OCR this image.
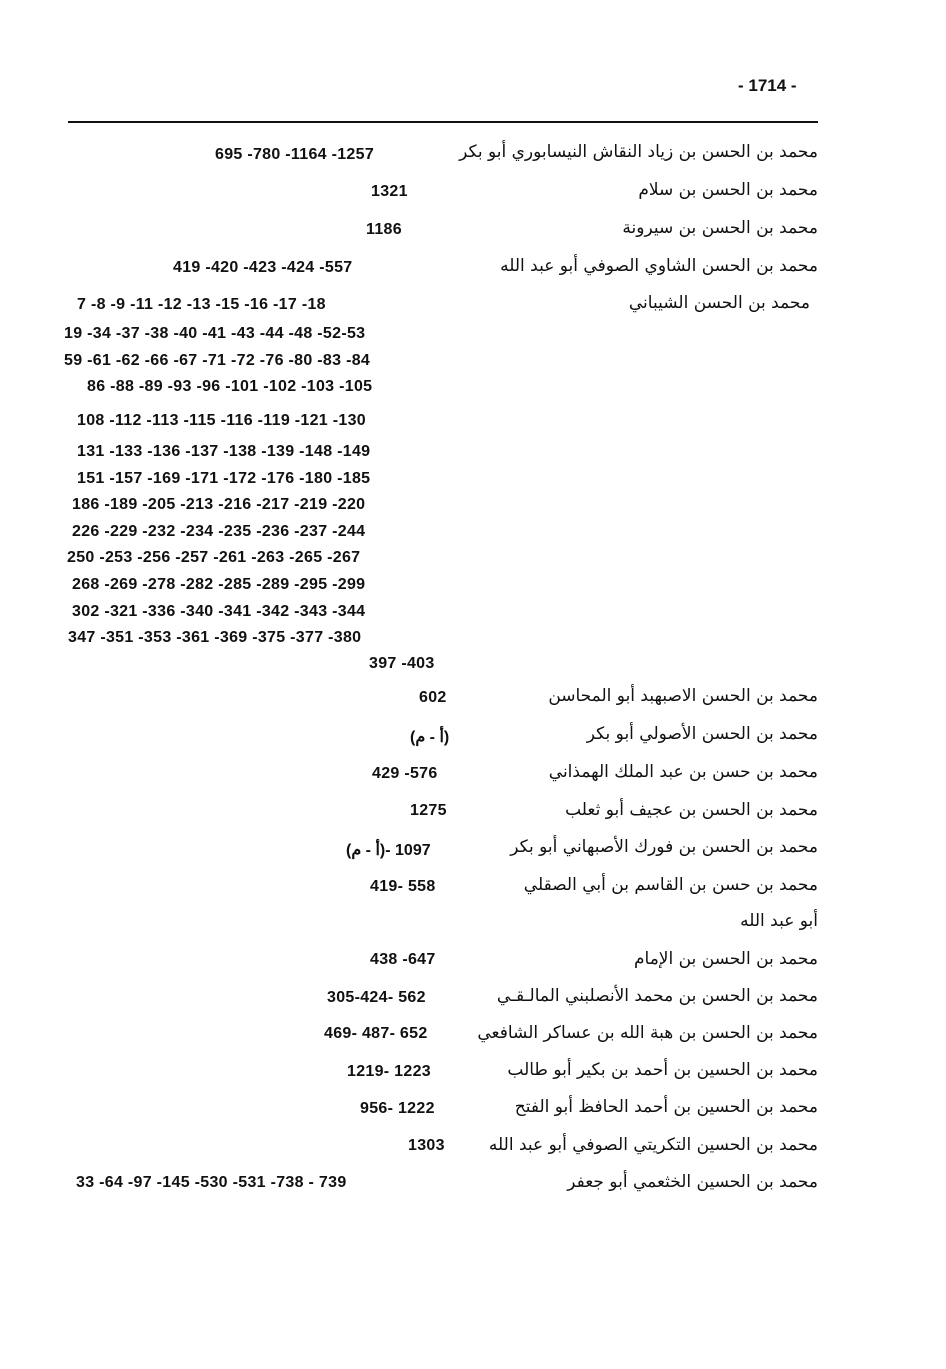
- 1714 -
محمد بن الحسن بن زياد النقاش النيسابوري أبو بكر
695 -780 -1164 -1257
محمد بن الحسن بن سلام
1321
محمد بن الحسن بن سيرونة
1186
محمد بن الحسن الشاوي الصوفي أبو عبد الله
419 -420 -423 -424 -557
محمد بن الحسن الشيباني
7 -8 -9 -11 -12 -13 -15 -16 -17 -18
19 -34 -37 -38 -40 -41 -43 -44 -48 -52-53
59 -61 -62 -66 -67 -71 -72 -76 -80 -83 -84
86 -88 -89 -93 -96 -101 -102 -103 -105
108 -112 -113 -115 -116 -119 -121 -130
131 -133 -136 -137 -138 -139 -148 -149
151 -157 -169 -171 -172 -176 -180 -185
186 -189 -205 -213 -216 -217 -219 -220
226 -229 -232 -234 -235 -236 -237 -244
250 -253 -256 -257 -261 -263 -265 -267
268 -269 -278 -282 -285 -289 -295 -299
302 -321 -336 -340 -341 -342 -343 -344
347 -351 -353 -361 -369 -375 -377 -380
397 -403
محمد بن الحسن الاصبهبد أبو المحاسن
602
محمد بن الحسن الأصولي أبو بكر
(أ - م)
محمد بن حسن بن عبد الملك الهمذاني
429 -576
محمد بن الحسن بن عجيف أبو ثعلب
1275
محمد بن الحسن بن فورك الأصبهاني أبو بكر
(أ - م)- 1097
محمد بن حسن بن القاسم بن أبي الصقلي
419- 558
أبو عبد الله
محمد بن الحسن بن الإمام
438 -647
محمد بن الحسن بن محمد الأنصلبني المالـقـي
305-424- 562
محمد بن الحسن بن هبة الله بن عساكر الشافعي
469- 487- 652
محمد بن الحسين بن أحمد بن بكير أبو طالب
1219- 1223
محمد بن الحسين بن أحمد الحافظ أبو الفتح
956- 1222
محمد بن الحسين التكريتي الصوفي أبو عبد الله
1303
محمد بن الحسين الخثعمي أبو جعفر
33 -64 -97 -145 -530 -531 -738 - 739
